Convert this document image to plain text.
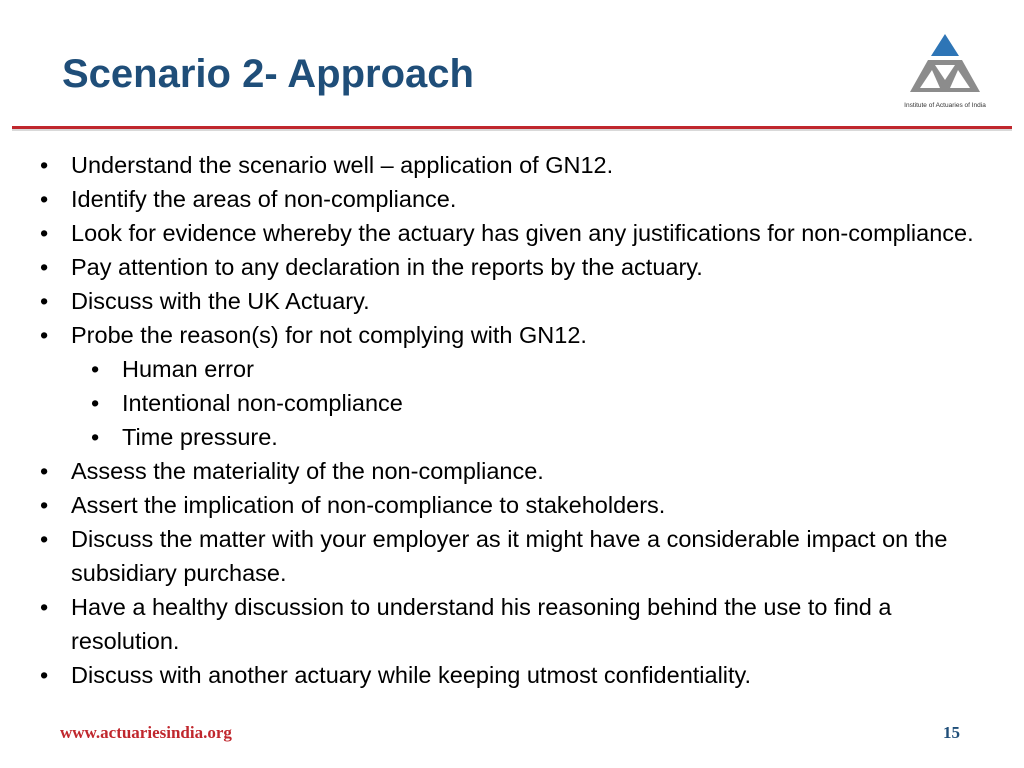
Scenario 2- Approach
Institute of Actuaries of India
• Understand the scenario well – application of GN12.
• Identify the areas of non-compliance.
• Look for evidence whereby the actuary has given any justifications for non-compliance.
• Pay attention to any declaration in the reports by the actuary.
• Discuss with the UK Actuary.
• Probe the reason(s) for not complying with GN12.
• Human error
• Intentional non-compliance
• Time pressure.
• Assess the materiality of the non-compliance.
• Assert the implication of non-compliance to stakeholders.
• Discuss the matter with your employer as it might have a considerable impact on the subsidiary purchase.
• Have a healthy discussion to understand his reasoning behind the use to find a resolution.
• Discuss with another actuary while keeping utmost confidentiality.
www.actuariesindia.org	15
